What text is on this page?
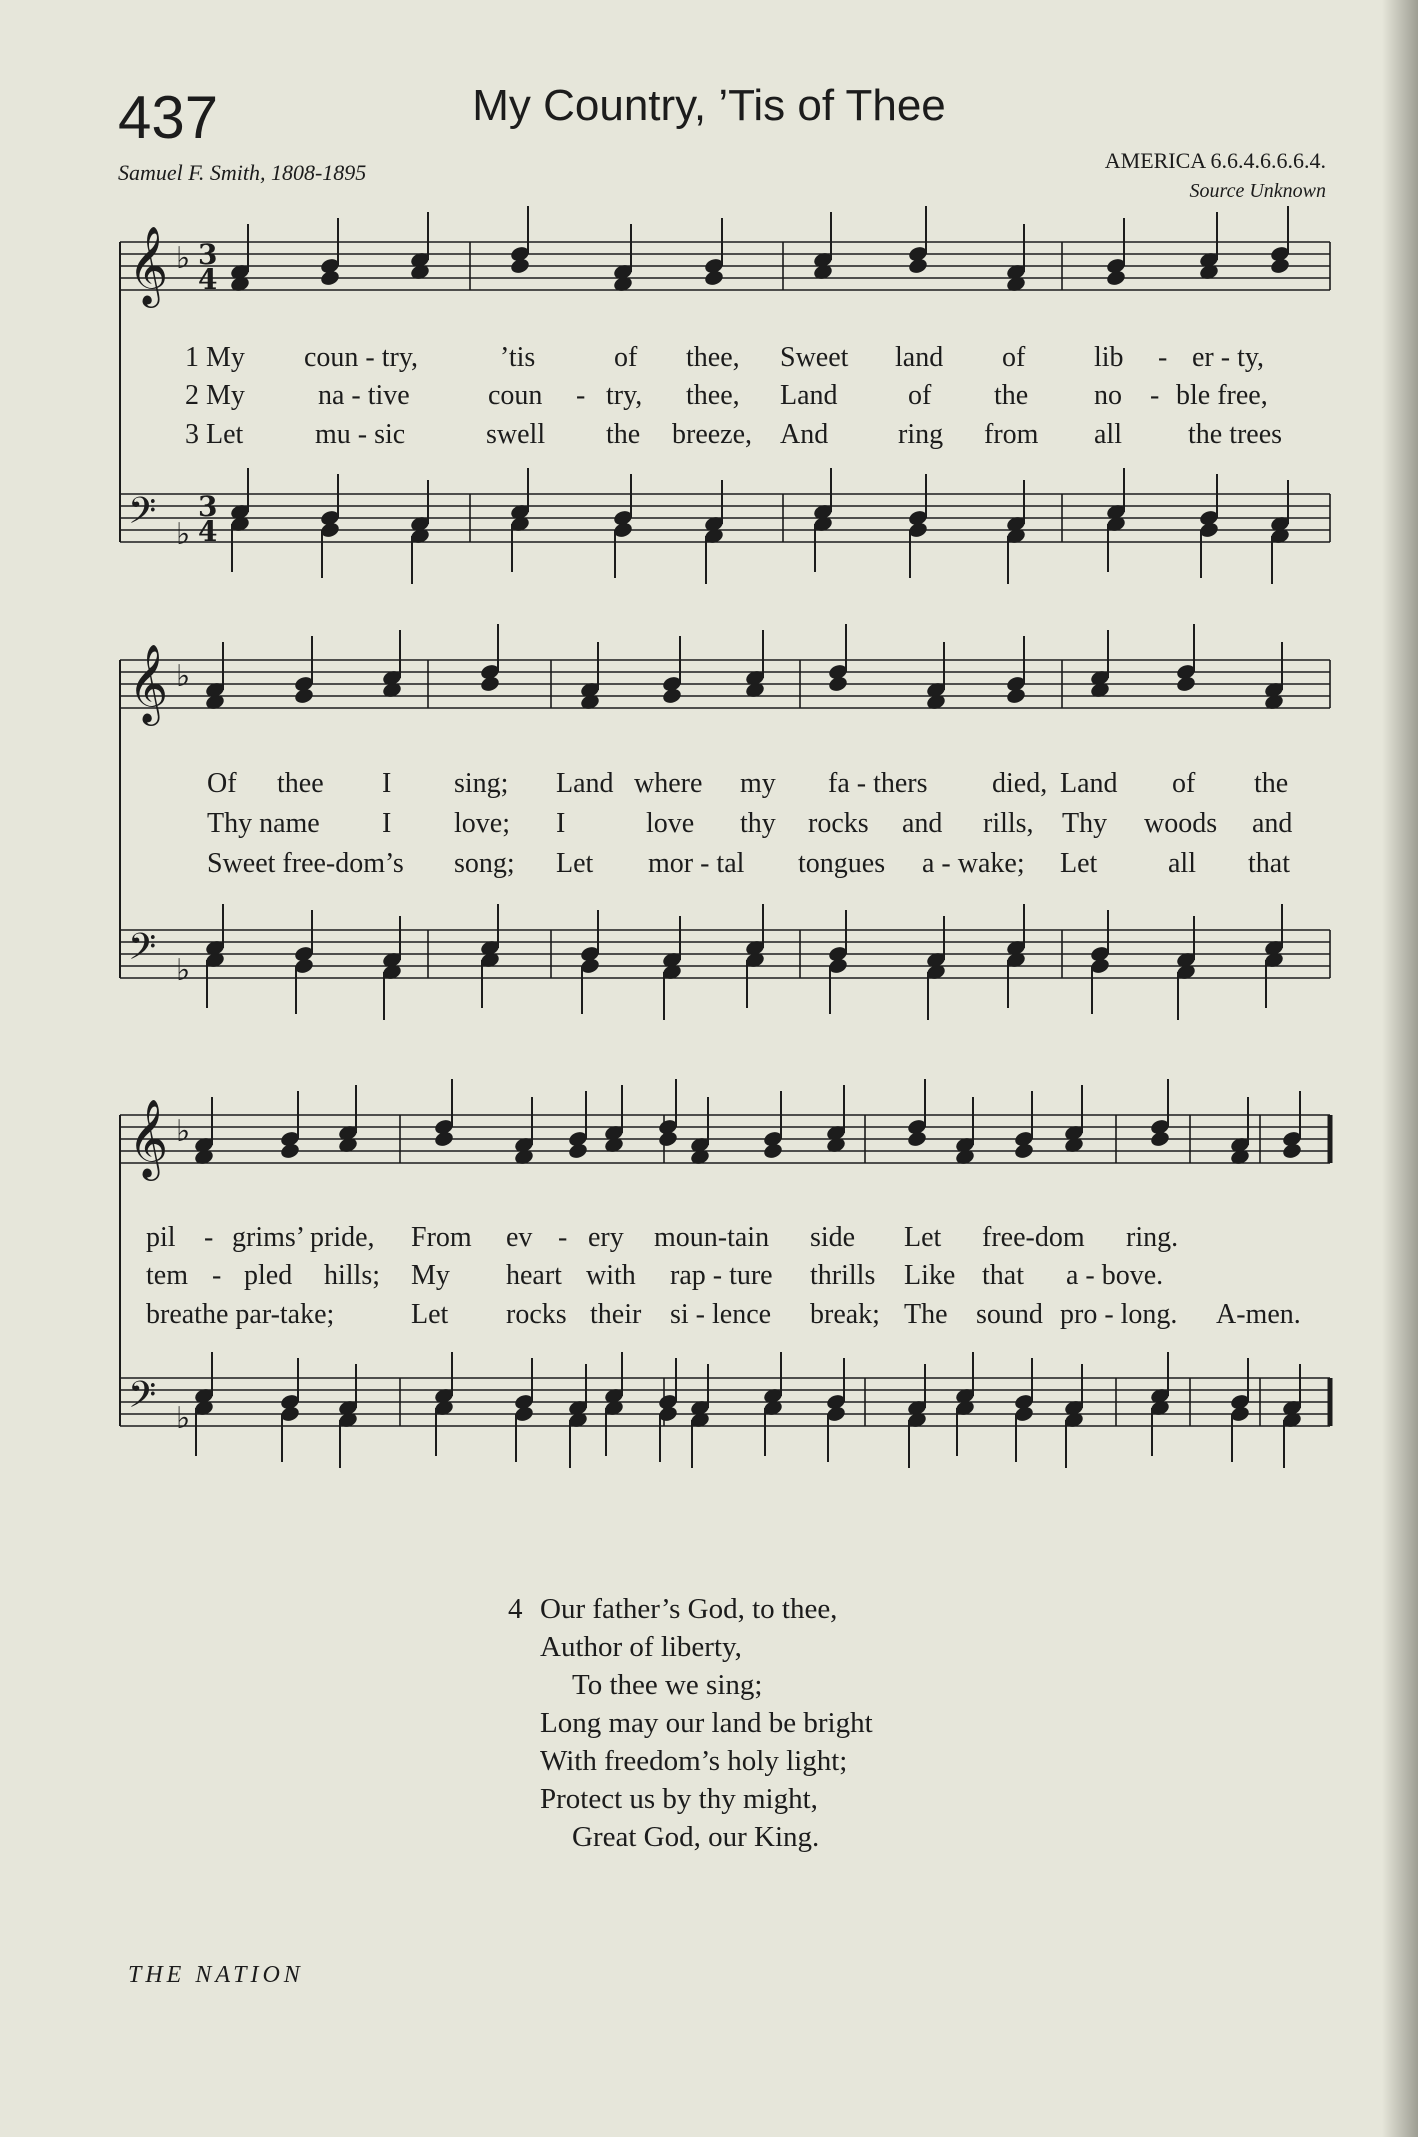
437	My Country, ’Tis of Thee
Samuel F. Smith, 1808-1895	AMERICA 6.6.4.6.6.6.4.
Source Unknown
𝄞
𝄢
♭
♭
3
4
3
4
𝄞
𝄢
♭
♭
𝄞
𝄢
♭
♭
1 My coun - try,	’tis	of thee, Sweet land of lib - er - ty,
2 My	na - tive	coun - try, thee, Land	of the no - ble free,
3 Let	mu - sic	swell the breeze, And ring from all the trees
Of thee I sing; Land where my fa - thers died, Land of the
Thy name I love; I	love thy rocks and rills, Thy woods and
Sweet free-dom’s song; Let mor - tal tongues a - wake; Let	all that
pil - grims’ pride, From ev - ery moun-tain side Let free-dom ring.
tem - pled hills; My heart with rap - ture thrills Like that a - bove.
breathe par-take;	Let rocks their si - lence break; The sound pro - long. A-men.
4 Our father’s God, to thee,
Author of liberty,
To thee we sing;
Long may our land be bright
With freedom’s holy light;
Protect us by thy might,
Great God, our King.
THE NATION
